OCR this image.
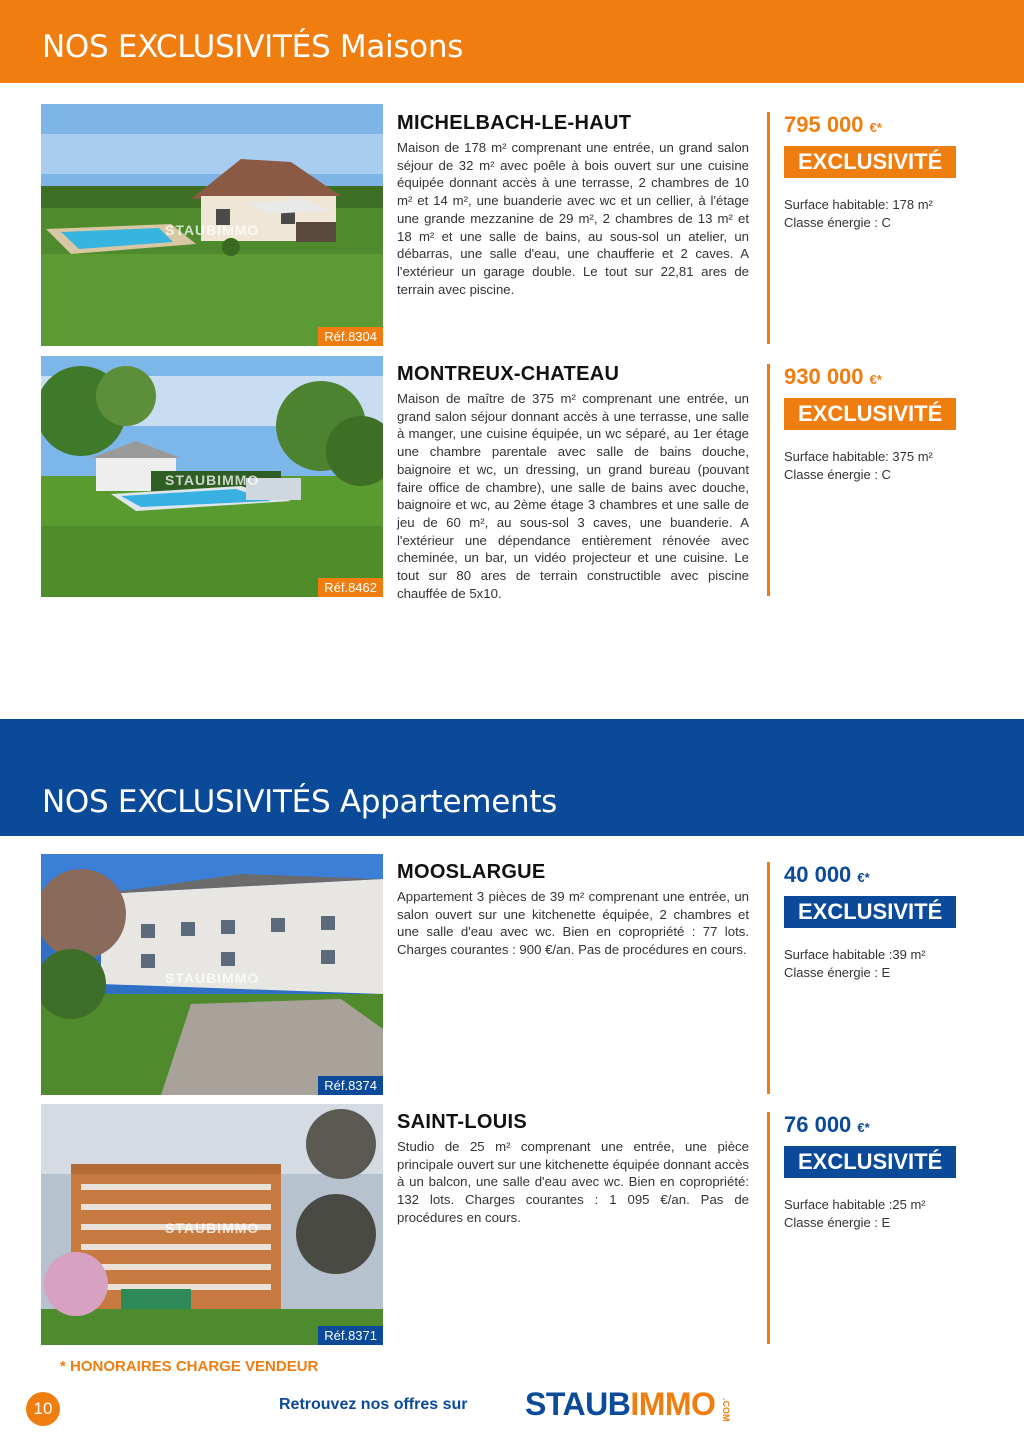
NOS EXCLUSIVITÉS Maisons
STAUBIMMO
Réf.8304
MICHELBACH-LE-HAUT

Maison de 178 m² comprenant une entrée, un grand salon séjour de 32 m² avec poêle à bois ouvert sur une cuisine équipée donnant accès à une terrasse, 2 chambres de 10 m² et 14 m², une buanderie avec wc et un cellier, à l'étage une grande mezzanine de 29 m², 2 chambres de 13 m² et 18 m² et une salle de bains, au sous-sol un atelier, un débarras, une salle d'eau, une chaufferie et 2 caves. A l'extérieur un garage double. Le tout sur 22,81 ares de terrain avec piscine.

795 000 €*
EXCLUSIVITÉ
Surface habitable: 178 m²
Classe énergie : C
STAUBIMMO
Réf.8462
MONTREUX-CHATEAU

Maison de maître de 375 m² comprenant une entrée, un grand salon séjour donnant accès à une terrasse, une salle à manger, une cuisine équipée, un wc séparé, au 1er étage une chambre parentale avec salle de bains douche, baignoire et wc, un dressing, un grand bureau (pouvant faire office de chambre), une salle de bains avec douche, baignoire et wc, au 2ème étage 3 chambres et une salle de jeu de 60 m², au sous-sol 3 caves, une buanderie. A l'extérieur une dépendance entièrement rénovée avec cheminée, un bar, un vidéo projecteur et une cuisine. Le tout sur 80 ares de terrain constructible avec piscine chauffée de 5x10.

930 000 €*
EXCLUSIVITÉ
Surface habitable: 375 m²
Classe énergie : C
NOS EXCLUSIVITÉS Appartements
STAUBIMMO
Réf.8374
MOOSLARGUE

Appartement 3 pièces de 39 m² comprenant une entrée, un salon ouvert sur une kitchenette équipée, 2 chambres et une salle d'eau avec wc. Bien en copropriété : 77 lots. Charges courantes : 900 €/an. Pas de procédures en cours.

40 000 €*
EXCLUSIVITÉ
Surface habitable :39 m²
Classe énergie : E
STAUBIMMO
Réf.8371
SAINT-LOUIS

Studio de 25 m² comprenant une entrée, une pièce principale ouvert sur une kitchenette équipée donnant accès à un balcon, une salle d'eau avec wc. Bien en copropriété: 132 lots. Charges courantes : 1 095 €/an. Pas de procédures en cours.

76 000 €*
EXCLUSIVITÉ
Surface habitable :25 m²
Classe énergie : E
* HONORAIRES CHARGE VENDEUR
10	Retrouvez nos offres sur STAUBIMMO .COM
